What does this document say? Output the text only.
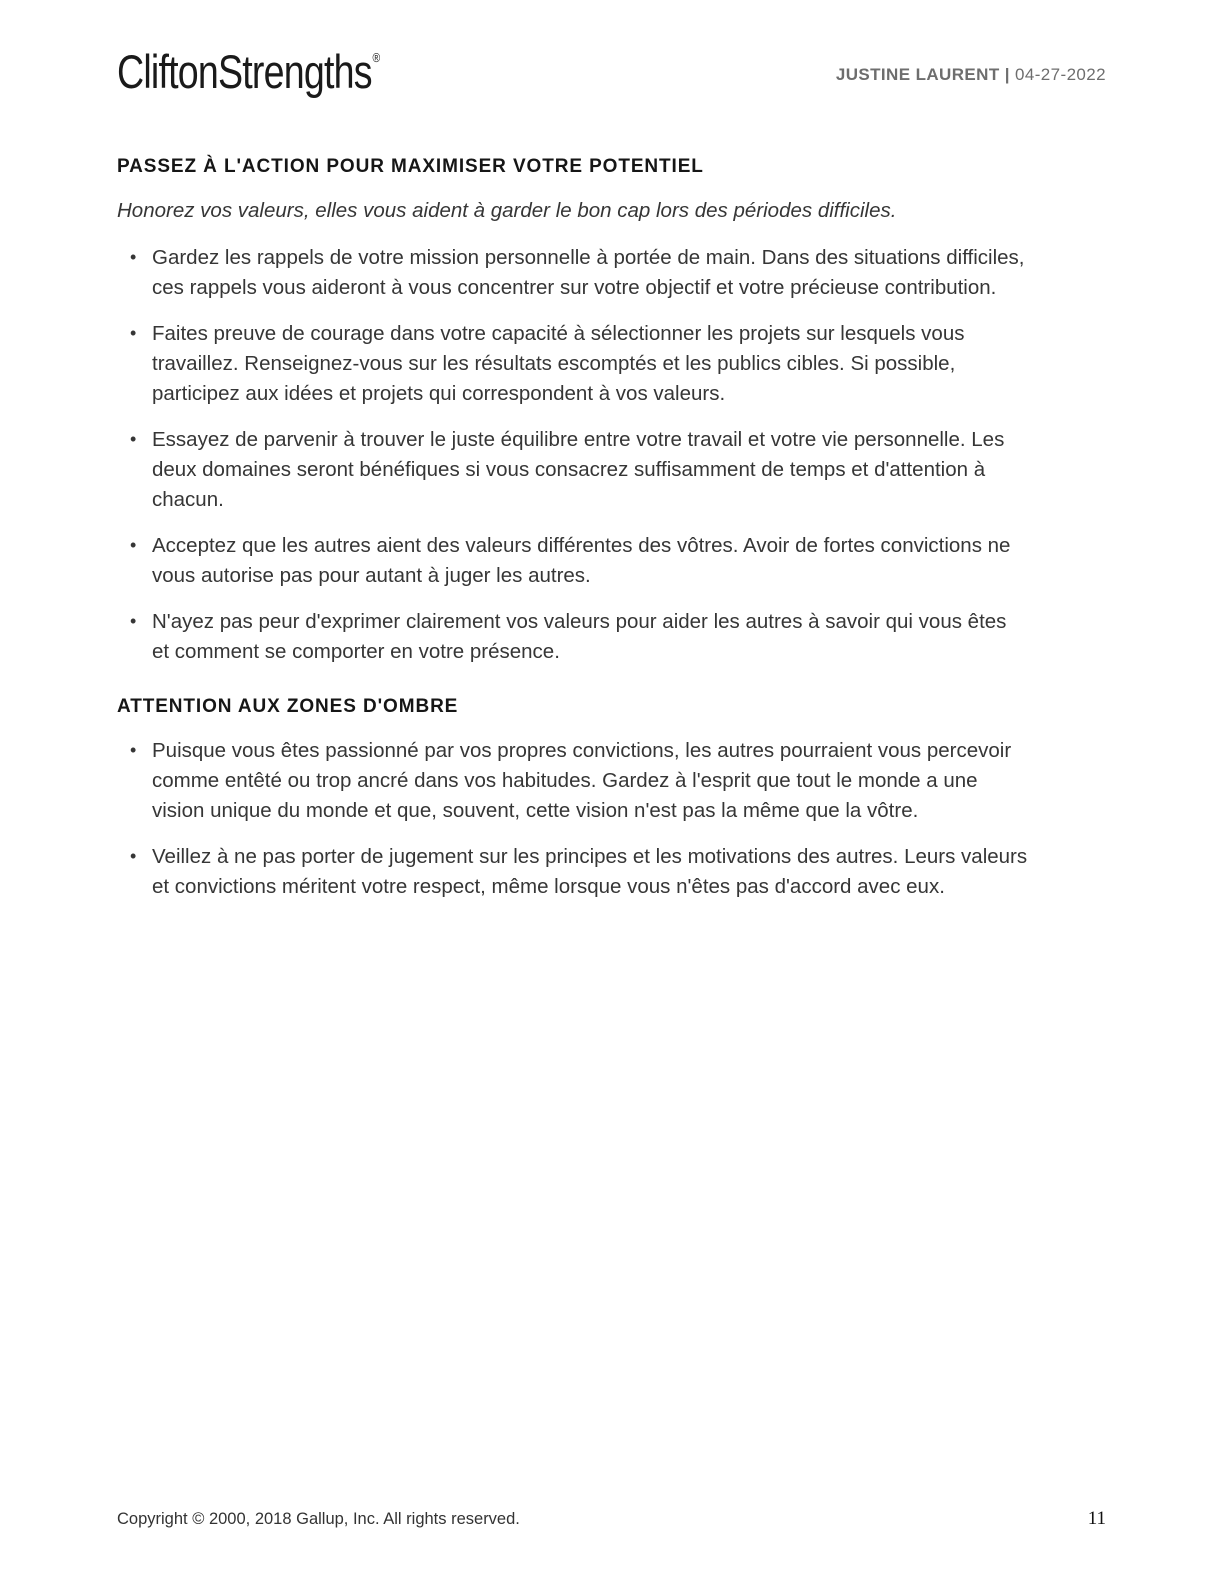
CliftonStrengths®
JUSTINE LAURENT | 04-27-2022
PASSEZ À L'ACTION POUR MAXIMISER VOTRE POTENTIEL

Honorez vos valeurs, elles vous aident à garder le bon cap lors des périodes difficiles.

• Gardez les rappels de votre mission personnelle à portée de main. Dans des situations difficiles, ces rappels vous aideront à vous concentrer sur votre objectif et votre précieuse contribution.
• Faites preuve de courage dans votre capacité à sélectionner les projets sur lesquels vous travaillez. Renseignez-vous sur les résultats escomptés et les publics cibles. Si possible, participez aux idées et projets qui correspondent à vos valeurs.
• Essayez de parvenir à trouver le juste équilibre entre votre travail et votre vie personnelle. Les deux domaines seront bénéfiques si vous consacrez suffisamment de temps et d'attention à chacun.
• Acceptez que les autres aient des valeurs différentes des vôtres. Avoir de fortes convictions ne vous autorise pas pour autant à juger les autres.
• N'ayez pas peur d'exprimer clairement vos valeurs pour aider les autres à savoir qui vous êtes et comment se comporter en votre présence.
ATTENTION AUX ZONES D'OMBRE
• Puisque vous êtes passionné par vos propres convictions, les autres pourraient vous percevoir comme entêté ou trop ancré dans vos habitudes. Gardez à l'esprit que tout le monde a une vision unique du monde et que, souvent, cette vision n'est pas la même que la vôtre.
• Veillez à ne pas porter de jugement sur les principes et les motivations des autres. Leurs valeurs et convictions méritent votre respect, même lorsque vous n'êtes pas d'accord avec eux.
Copyright © 2000, 2018 Gallup, Inc. All rights reserved.	11
